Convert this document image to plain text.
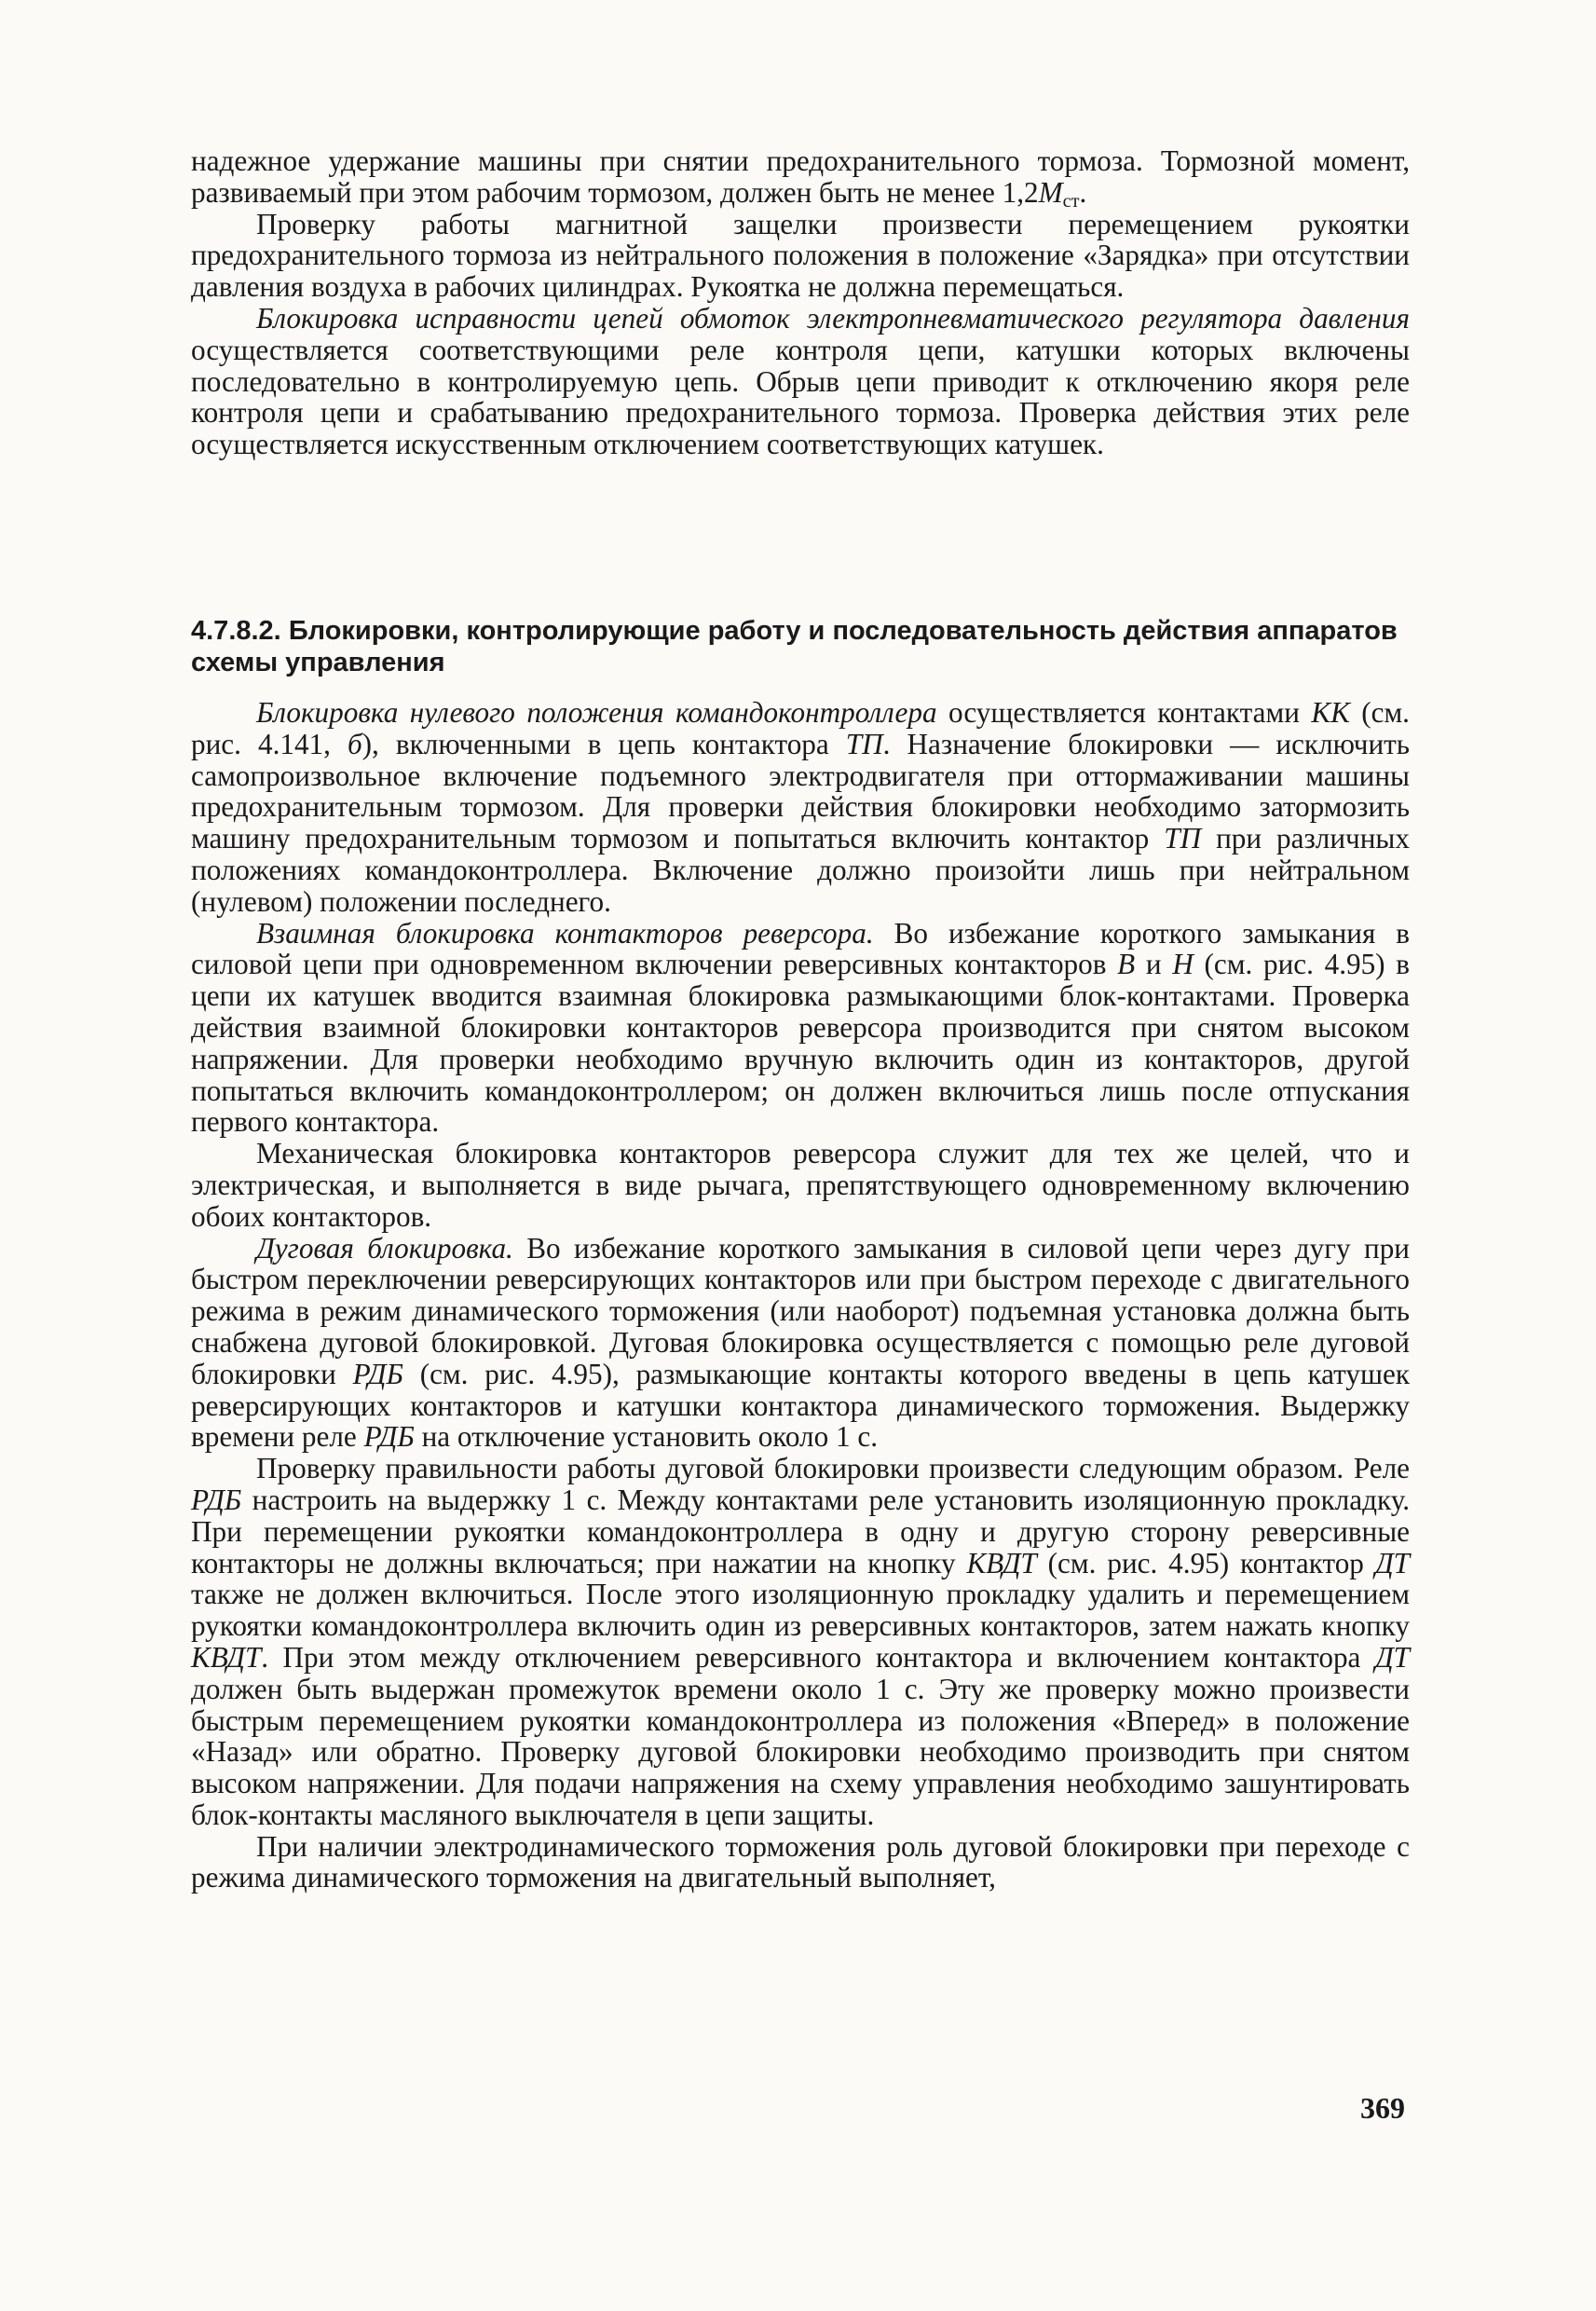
надежное удержание машины при снятии предохранительного тормоза. Тормозной момент, развиваемый при этом рабочим тормозом, должен быть не менее $1,2M_{ст}$.

Проверку работы магнитной защелки произвести перемещением рукоятки предохранительного тормоза из нейтрального положения в положение «Зарядка» при отсутствии давления воздуха в рабочих цилиндрах. Рукоятка не должна перемещаться.

Блокировка исправности цепей обмоток электропневматического регулятора давления осуществляется соответствующими реле контроля цепи, катушки которых включены последовательно в контролируемую цепь. Обрыв цепи приводит к отключению якоря реле контроля цепи и срабатыванию предохранительного тормоза. Проверка действия этих реле осуществляется искусственным отключением соответствующих катушек.

4.7.8.2. Блокировки, контролирующие работу и последовательность действия аппаратов схемы управления

Блокировка нулевого положения командоконтроллера осуществляется контактами КК (см. рис. 4.141, б), включенными в цепь контактора ТП. Назначение блокировки — исключить самопроизвольное включение подъемного электродвигателя при оттормаживании машины предохранительным тормозом. Для проверки действия блокировки необходимо затормозить машину предохранительным тормозом и попытаться включить контактор ТП при различных положениях командоконтроллера. Включение должно произойти лишь при нейтральном (нулевом) положении последнего.

Взаимная блокировка контакторов реверсора. Во избежание короткого замыкания в силовой цепи при одновременном включении реверсивных контакторов В и Н (см. рис. 4.95) в цепи их катушек вводится взаимная блокировка размыкающими блок-контактами. Проверка действия взаимной блокировки контакторов реверсора производится при снятом высоком напряжении. Для проверки необходимо вручную включить один из контакторов, другой попытаться включить командоконтроллером; он должен включиться лишь после отпускания первого контактора.

Механическая блокировка контакторов реверсора служит для тех же целей, что и электрическая, и выполняется в виде рычага, препятствующего одновременному включению обоих контакторов.

Дуговая блокировка. Во избежание короткого замыкания в силовой цепи через дугу при быстром переключении реверсирующих контакторов или при быстром переходе с двигательного режима в режим динамического торможения (или наоборот) подъемная установка должна быть снабжена дуговой блокировкой. Дуговая блокировка осуществляется с помощью реле дуговой блокировки РДБ (см. рис. 4.95), размыкающие контакты которого введены в цепь катушек реверсирующих контакторов и катушки контактора динамического торможения. Выдержку времени реле РДБ на отключение установить около 1 с.

Проверку правильности работы дуговой блокировки произвести следующим образом. Реле РДБ настроить на выдержку 1 с. Между контактами реле установить изоляционную прокладку. При перемещении рукоятки командоконтроллера в одну и другую сторону реверсивные контакторы не должны включаться; при нажатии на кнопку КВДТ (см. рис. 4.95) контактор ДТ также не должен включиться. После этого изоляционную прокладку удалить и перемещением рукоятки командоконтроллера включить один из реверсивных контакторов, затем нажать кнопку КВДТ. При этом между отключением реверсивного контактора и включением контактора ДТ должен быть выдержан промежуток времени около 1 с. Эту же проверку можно произвести быстрым перемещением рукоятки командоконтроллера из положения «Вперед» в положение «Назад» или обратно. Проверку дуговой блокировки необходимо производить при снятом высоком напряжении. Для подачи напряжения на схему управления необходимо зашунтировать блок-контакты масляного выключателя в цепи защиты.

При наличии электродинамического торможения роль дуговой блокировки при переходе с режима динамического торможения на двигательный выполняет,

369
